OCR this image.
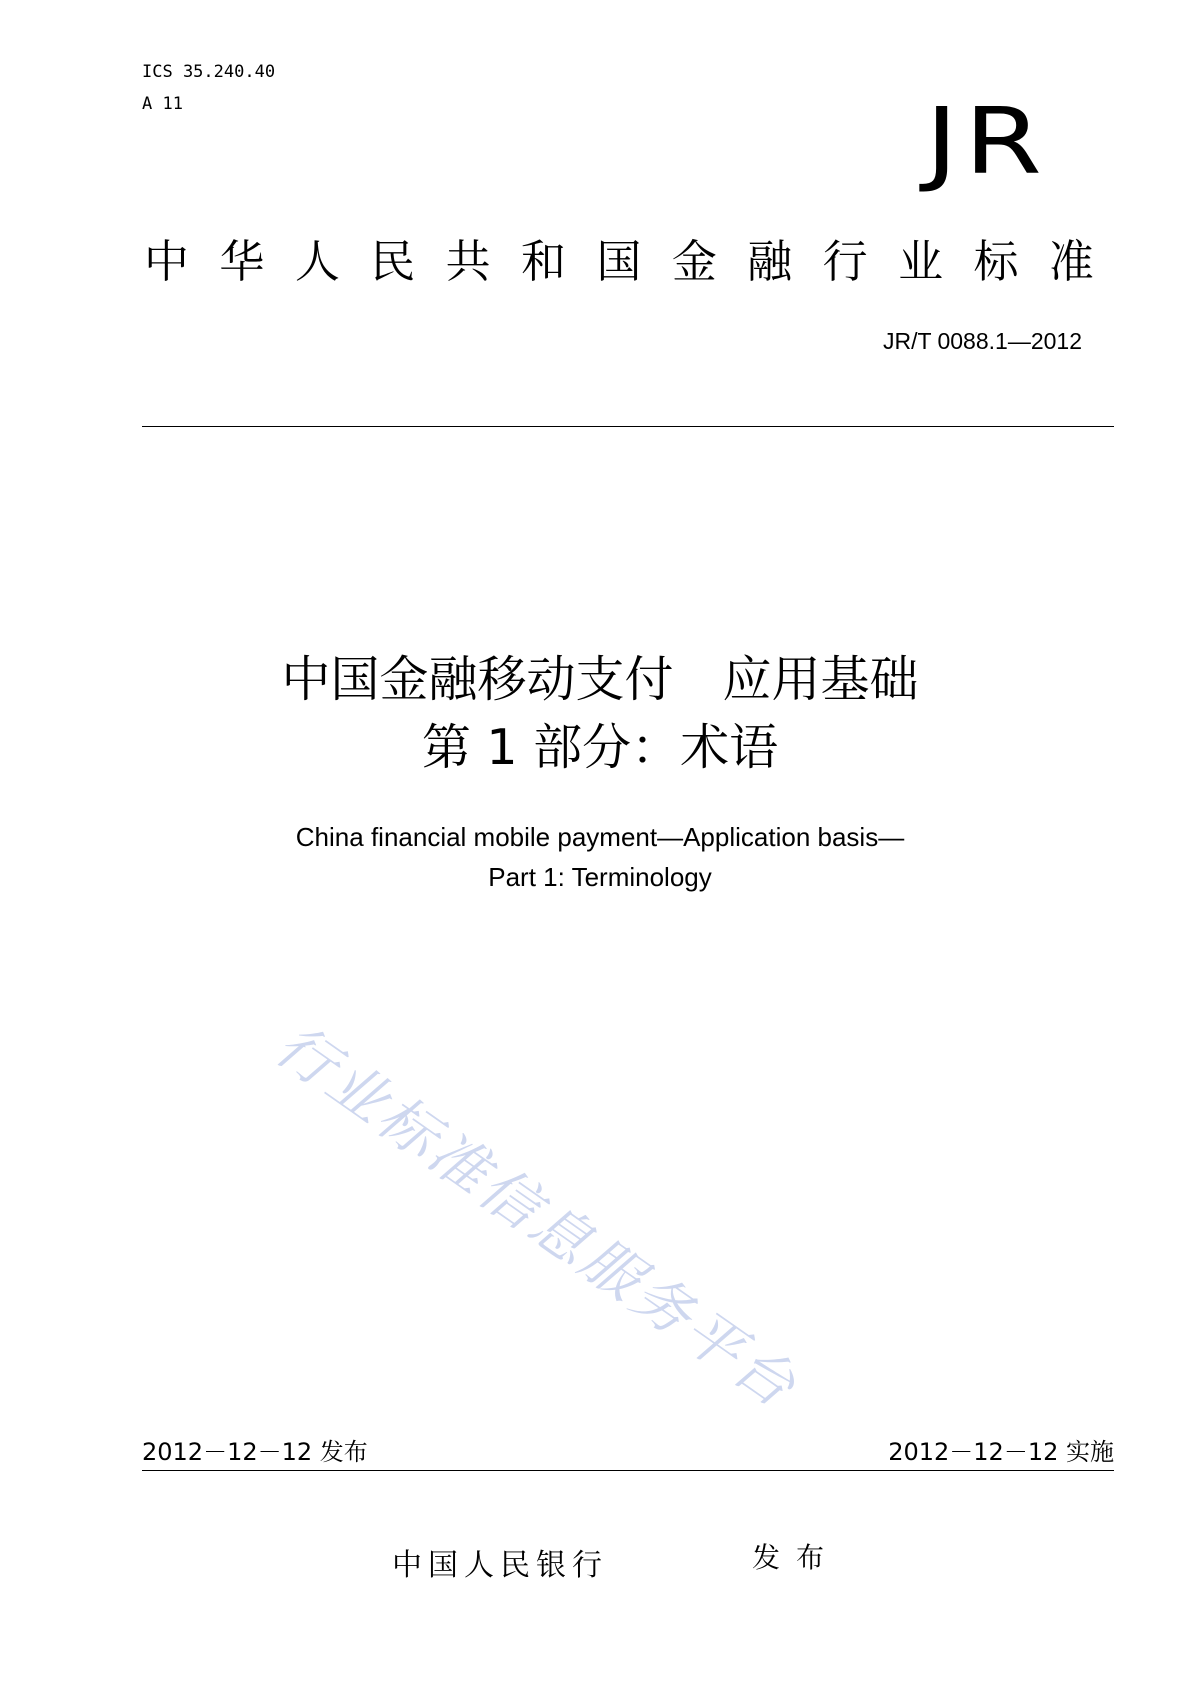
ICS 35.240.40
A 11	JR
中 华 人 民 共 和 国 金 融 行 业 标 准
JR/T 0088.1—2012
中国金融移动支付　应用基础
第 1 部分：术语
China financial mobile payment—Application basis—
Part 1: Terminology
行业标准信息服务平台
2012－12－12 发布	2012－12－12 实施
中国人民银行	发布
